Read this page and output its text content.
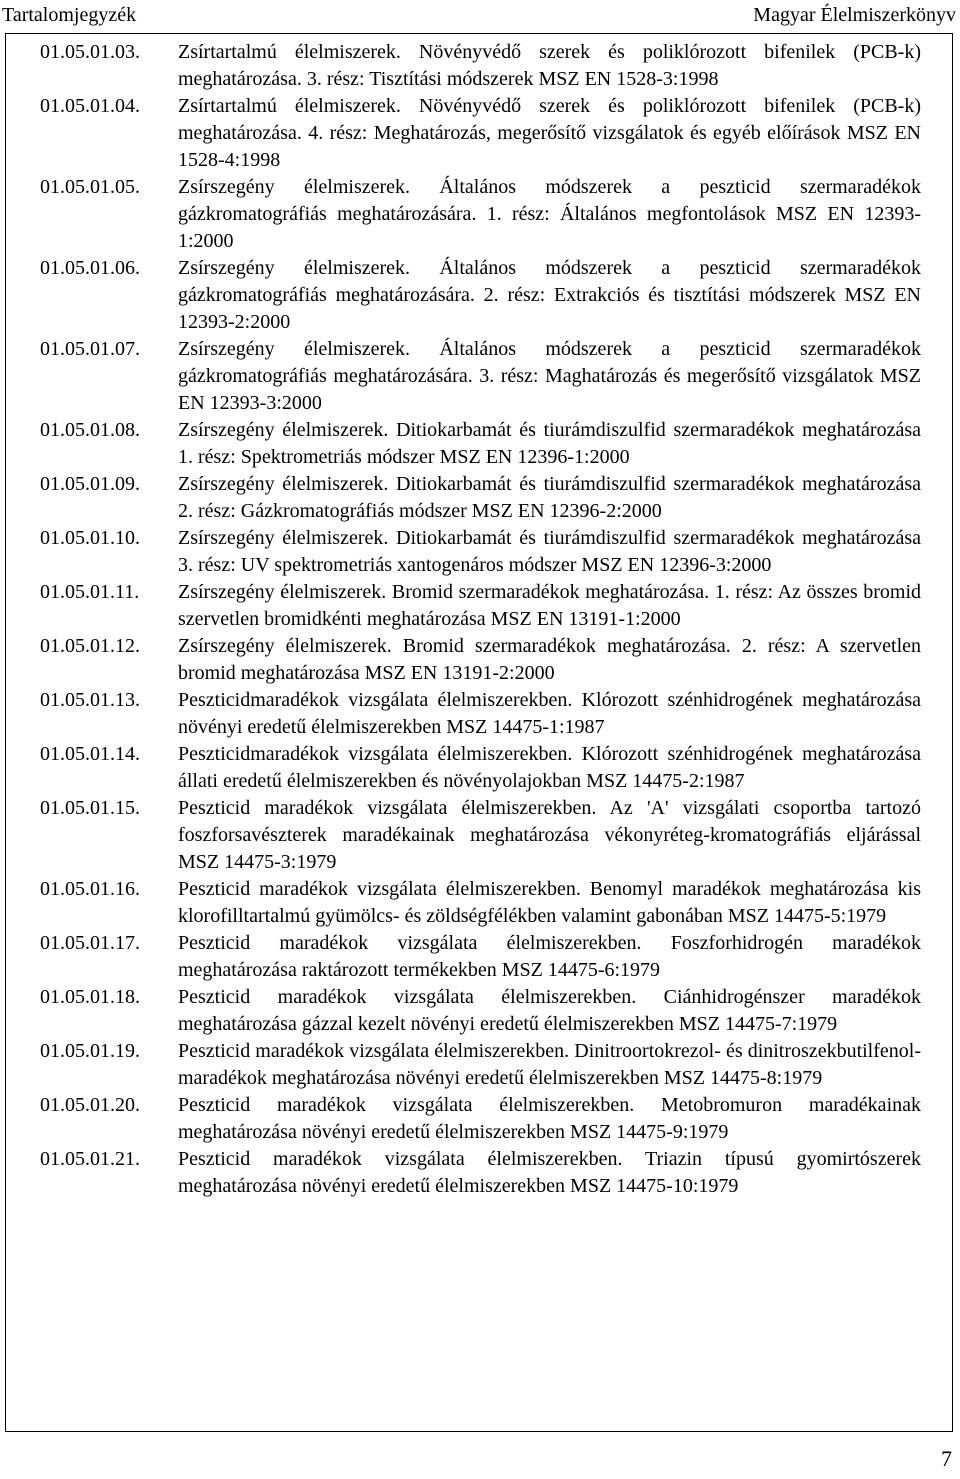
Tartalomjegyzék	Magyar Élelmiszerkönyv
01.05.01.03.	Zsírtartalmú élelmiszerek. Növényvédő szerek és poliklórozott bifenilek (PCB-k) meghatározása. 3. rész: Tisztítási módszerek MSZ EN 1528-3:1998
01.05.01.04.	Zsírtartalmú élelmiszerek. Növényvédő szerek és poliklórozott bifenilek (PCB-k) meghatározása. 4. rész: Meghatározás, megerősítő vizsgálatok és egyéb előírások MSZ EN 1528-4:1998
01.05.01.05.	Zsírszegény élelmiszerek. Általános módszerek a peszticid szermaradékok gázkromatográfiás meghatározására. 1. rész: Általános megfontolások MSZ EN 12393-1:2000
01.05.01.06.	Zsírszegény élelmiszerek. Általános módszerek a peszticid szermaradékok gázkromatográfiás meghatározására. 2. rész: Extrakciós és tisztítási módszerek MSZ EN 12393-2:2000
01.05.01.07.	Zsírszegény élelmiszerek. Általános módszerek a peszticid szermaradékok gázkromatográfiás meghatározására. 3. rész: Maghatározás és megerősítő vizsgálatok MSZ EN 12393-3:2000
01.05.01.08.	Zsírszegény élelmiszerek. Ditiokarbamát és tiurámdiszulfid szermaradékok meghatározása 1. rész: Spektrometriás módszer MSZ EN 12396-1:2000
01.05.01.09.	Zsírszegény élelmiszerek. Ditiokarbamát és tiurámdiszulfid szermaradékok meghatározása 2. rész: Gázkromatográfiás módszer MSZ EN 12396-2:2000
01.05.01.10.	Zsírszegény élelmiszerek. Ditiokarbamát és tiurámdiszulfid szermaradékok meghatározása 3. rész: UV spektrometriás xantogenáros módszer MSZ EN 12396-3:2000
01.05.01.11.	Zsírszegény élelmiszerek. Bromid szermaradékok meghatározása. 1. rész: Az összes bromid szervetlen bromidkénti meghatározása MSZ EN 13191-1:2000
01.05.01.12.	Zsírszegény élelmiszerek. Bromid szermaradékok meghatározása. 2. rész: A szervetlen bromid meghatározása MSZ EN 13191-2:2000
01.05.01.13.	Peszticidmaradékok vizsgálata élelmiszerekben. Klórozott szénhidrogének meghatározása növényi eredetű élelmiszerekben MSZ 14475-1:1987
01.05.01.14.	Peszticidmaradékok vizsgálata élelmiszerekben. Klórozott szénhidrogének meghatározása állati eredetű élelmiszerekben és növényolajokban MSZ 14475-2:1987
01.05.01.15.	Peszticid maradékok vizsgálata élelmiszerekben. Az 'A' vizsgálati csoportba tartozó foszforsavészterek maradékainak meghatározása vékonyréteg-kromatográfiás eljárással MSZ 14475-3:1979
01.05.01.16.	Peszticid maradékok vizsgálata élelmiszerekben. Benomyl maradékok meghatározása kis klorofilltartalmú gyümölcs- és zöldségfélékben valamint gabonában MSZ 14475-5:1979
01.05.01.17.	Peszticid maradékok vizsgálata élelmiszerekben. Foszforhidrogén maradékok meghatározása raktározott termékekben MSZ 14475-6:1979
01.05.01.18.	Peszticid maradékok vizsgálata élelmiszerekben. Ciánhidrogénszer maradékok meghatározása gázzal kezelt növényi eredetű élelmiszerekben MSZ 14475-7:1979
01.05.01.19.	Peszticid maradékok vizsgálata élelmiszerekben. Dinitroortokrezol- és dinitroszekbutilfenol-maradékok meghatározása növényi eredetű élelmiszerekben MSZ 14475-8:1979
01.05.01.20.	Peszticid maradékok vizsgálata élelmiszerekben. Metobromuron maradékainak meghatározása növényi eredetű élelmiszerekben MSZ 14475-9:1979
01.05.01.21.	Peszticid maradékok vizsgálata élelmiszerekben. Triazin típusú gyomirtószerek meghatározása növényi eredetű élelmiszerekben MSZ 14475-10:1979
7
